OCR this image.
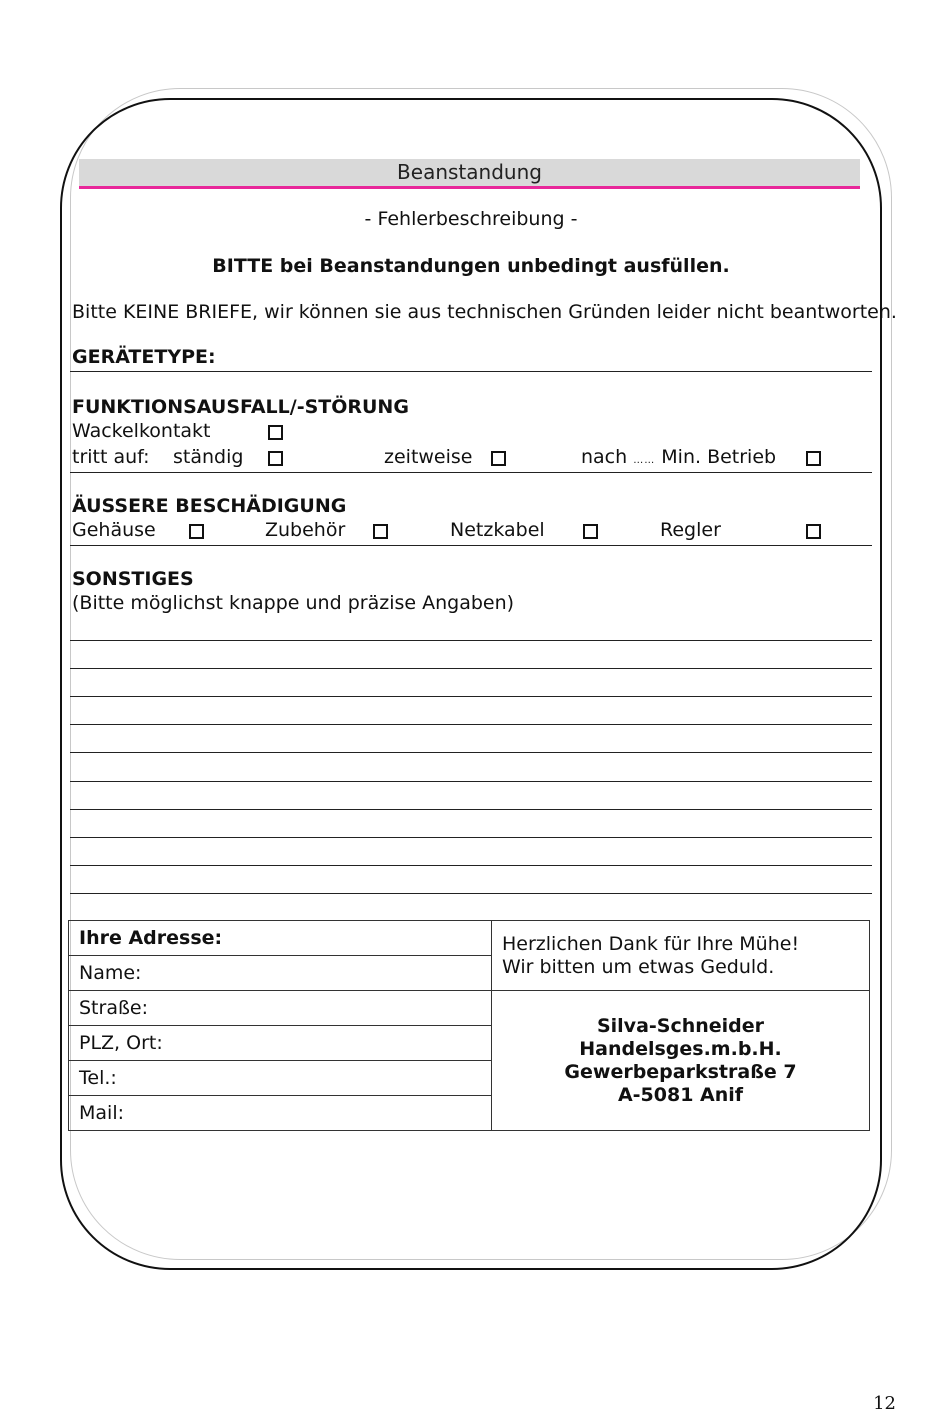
Beanstandung
- Fehlerbeschreibung -
BITTE bei Beanstandungen unbedingt ausfüllen.
Bitte KEINE BRIEFE, wir können sie aus technischen Gründen leider nicht beantworten.
GERÄTETYPE:
FUNKTIONSAUSFALL/-STÖRUNG
Wackelkontakt
tritt auf: ständig	zeitweise	nach …… Min. Betrieb
ÄUSSERE BESCHÄDIGUNG
Gehäuse	Zubehör	Netzkabel	Regler
SONSTIGES
(Bitte möglichst knappe und präzise Angaben)
Ihre Adresse:	Herzlichen Dank für Ihre Mühe!
Wir bitten um etwas Geduld.

Name:	
Straße:	Silva-Schneider
Handelsges.m.b.H.
Gewerbeparkstraße 7
A-5081 Anif

PLZ, Ort:	
Tel.:	
Mail:	
12
